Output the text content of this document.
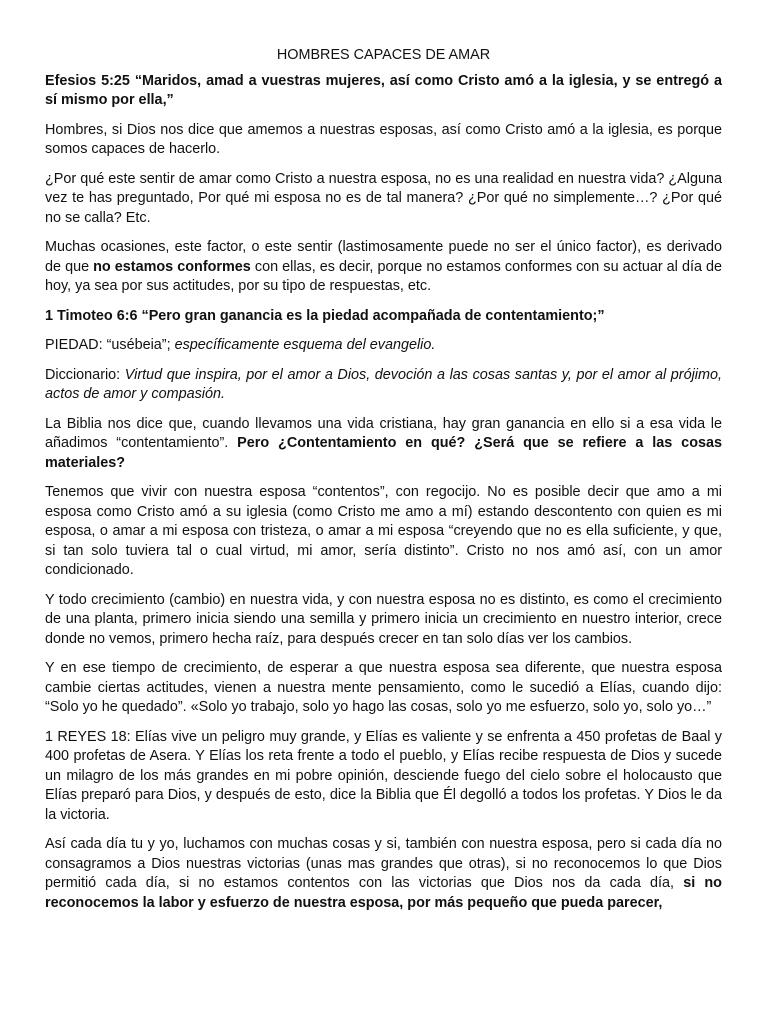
HOMBRES CAPACES DE AMAR

Efesios 5:25 “Maridos, amad a vuestras mujeres, así como Cristo amó a la iglesia, y se entregó a sí mismo por ella,”

Hombres, si Dios nos dice que amemos a nuestras esposas, así como Cristo amó a la iglesia, es porque somos capaces de hacerlo.

¿Por qué este sentir de amar como Cristo a nuestra esposa, no es una realidad en nuestra vida? ¿Alguna vez te has preguntado, Por qué mi esposa no es de tal manera? ¿Por qué no simplemente…? ¿Por qué no se calla? Etc.

Muchas ocasiones, este factor, o este sentir (lastimosamente puede no ser el único factor), es derivado de que no estamos conformes con ellas, es decir, porque no estamos conformes con su actuar al día de hoy, ya sea por sus actitudes, por su tipo de respuestas, etc.

1 Timoteo 6:6 “Pero gran ganancia es la piedad acompañada de contentamiento;”

PIEDAD: “usébeia”; específicamente esquema del evangelio.

Diccionario: Virtud que inspira, por el amor a Dios, devoción a las cosas santas y, por el amor al prójimo, actos de amor y compasión.

La Biblia nos dice que, cuando llevamos una vida cristiana, hay gran ganancia en ello si a esa vida le añadimos “contentamiento”. Pero ¿Contentamiento en qué? ¿Será que se refiere a las cosas materiales?

Tenemos que vivir con nuestra esposa “contentos”, con regocijo. No es posible decir que amo a mi esposa como Cristo amó a su iglesia (como Cristo me amo a mí) estando descontento con quien es mi esposa, o amar a mi esposa con tristeza, o amar a mi esposa “creyendo que no es ella suficiente, y que, si tan solo tuviera tal o cual virtud, mi amor, sería distinto”. Cristo no nos amó así, con un amor condicionado.

Y todo crecimiento (cambio) en nuestra vida, y con nuestra esposa no es distinto, es como el crecimiento de una planta, primero inicia siendo una semilla y primero inicia un crecimiento en nuestro interior, crece donde no vemos, primero hecha raíz, para después crecer en tan solo días ver los cambios.

Y en ese tiempo de crecimiento, de esperar a que nuestra esposa sea diferente, que nuestra esposa cambie ciertas actitudes, vienen a nuestra mente pensamiento, como le sucedió a Elías, cuando dijo: “Solo yo he quedado”. «Solo yo trabajo, solo yo hago las cosas, solo yo me esfuerzo, solo yo, solo yo…”

1 REYES 18: Elías vive un peligro muy grande, y Elías es valiente y se enfrenta a 450 profetas de Baal y 400 profetas de Asera. Y Elías los reta frente a todo el pueblo, y Elías recibe respuesta de Dios y sucede un milagro de los más grandes en mi pobre opinión, desciende fuego del cielo sobre el holocausto que Elías preparó para Dios, y después de esto, dice la Biblia que Él degolló a todos los profetas. Y Dios le da la victoria.

Así cada día tu y yo, luchamos con muchas cosas y si, también con nuestra esposa, pero si cada día no consagramos a Dios nuestras victorias (unas mas grandes que otras), si no reconocemos lo que Dios permitió cada día, si no estamos contentos con las victorias que Dios nos da cada día, si no reconocemos la labor y esfuerzo de nuestra esposa, por más pequeño que pueda parecer,
